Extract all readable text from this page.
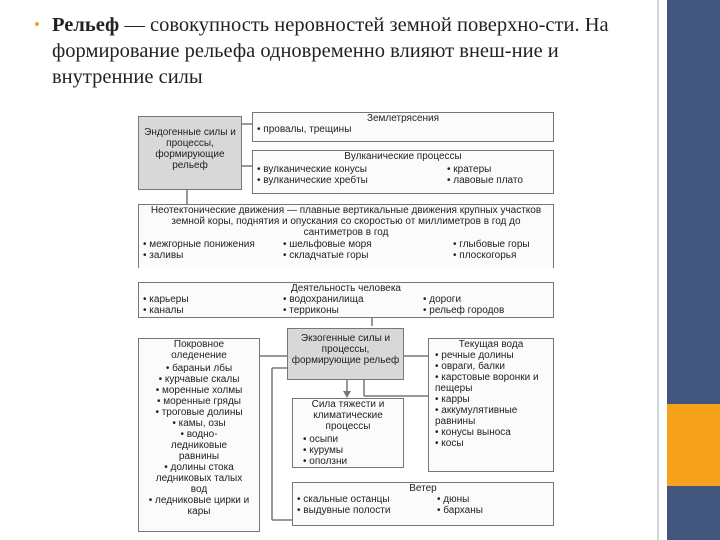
• Рельеф — совокупность неровностей земной поверхно-сти. На формирование рельефа одновременно влияют внеш-ние и внутренние силы
Эндогенные силы и процессы, формирующие рельеф
Землетрясения
• провалы, трещины
Вулканические процессы
• вулканические конусы
• вулканические хребты
• кратеры
• лавовые плато
Неотектонические движения — плавные вертикальные движения крупных участков земной коры, поднятия и опускания со скоростью от миллиметров в год до сантиметров в год
• межгорные понижения
• заливы
• шельфовые моря
• складчатые горы
• глыбовые горы
• плоскогорья
Деятельность человека
• карьеры
• каналы
• водохранилища
• терриконы
• дороги
• рельеф городов
Экзогенные силы и процессы, формирующие рельеф
Покровное оледенение
• бараньи лбы
• курчавые скалы
• моренные холмы
• моренные гряды
• троговые долины
• камы, озы
• водно-ледниковые равнины
• долины стока ледниковых талых вод
• ледниковые цирки и кары
Сила тяжести и климатические процессы
• осыпи
• курумы
• оползни
Текущая вода
• речные долины
• овраги, балки
• карстовые воронки и пещеры
• карры
• аккумулятивные равнины
• конусы выноса
• косы
Ветер
• скальные останцы
• выдувные полости
• дюны
• барханы
